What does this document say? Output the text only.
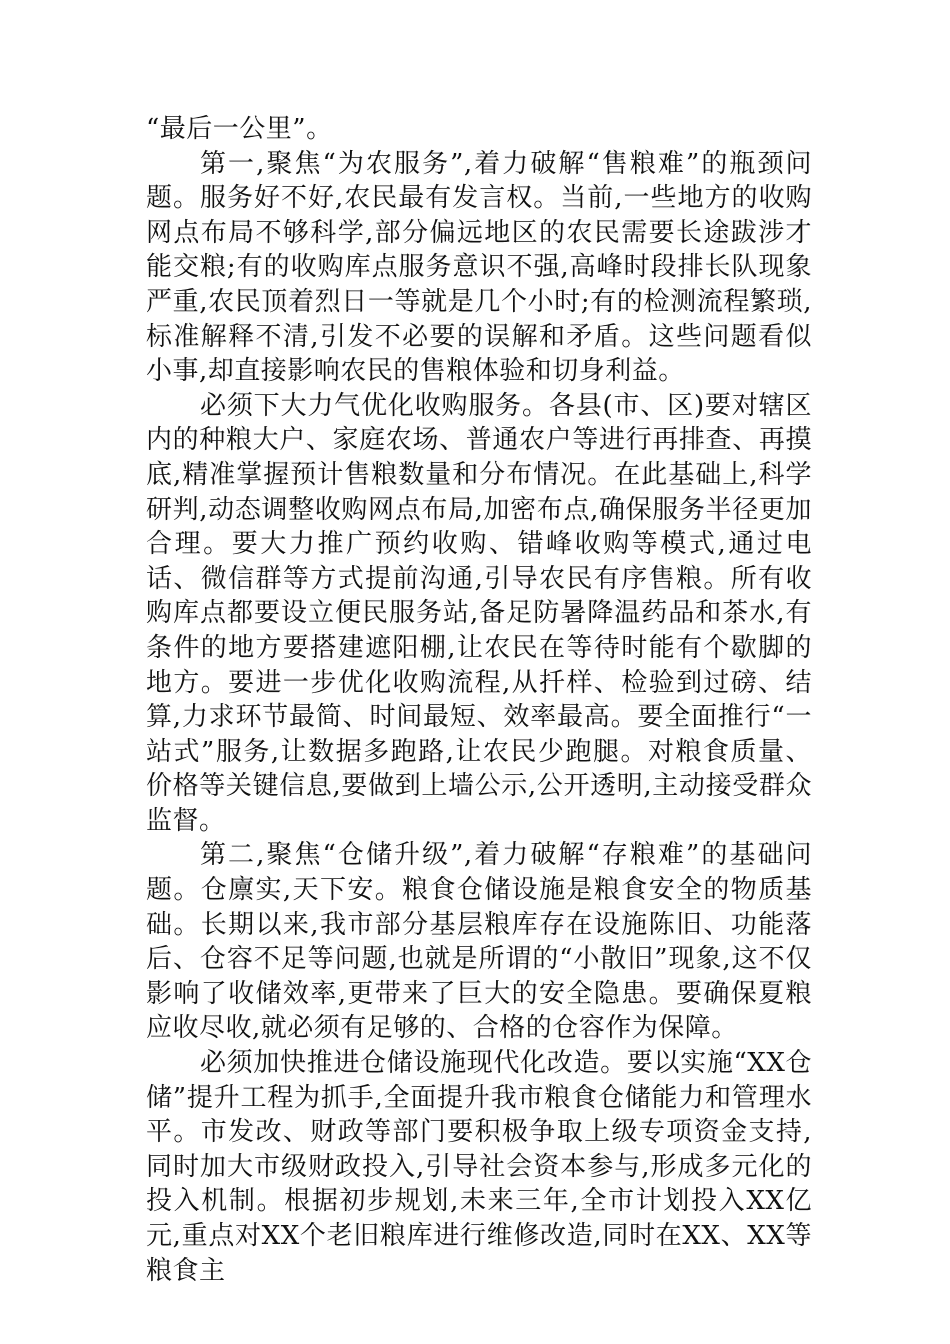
“最后一公里”。

第一,聚焦“为农服务”,着力破解“售粮难”的瓶颈问题。服务好不好,农民最有发言权。当前,一些地方的收购网点布局不够科学,部分偏远地区的农民需要长途跋涉才能交粮;有的收购库点服务意识不强,高峰时段排长队现象严重,农民顶着烈日一等就是几个小时;有的检测流程繁琐,标准解释不清,引发不必要的误解和矛盾。这些问题看似小事,却直接影响农民的售粮体验和切身利益。

必须下大力气优化收购服务。各县(市、区)要对辖区内的种粮大户、家庭农场、普通农户等进行再排查、再摸底,精准掌握预计售粮数量和分布情况。在此基础上,科学研判,动态调整收购网点布局,加密布点,确保服务半径更加合理。要大力推广预约收购、错峰收购等模式,通过电话、微信群等方式提前沟通,引导农民有序售粮。所有收购库点都要设立便民服务站,备足防暑降温药品和茶水,有条件的地方要搭建遮阳棚,让农民在等待时能有个歇脚的地方。要进一步优化收购流程,从扦样、检验到过磅、结算,力求环节最简、时间最短、效率最高。要全面推行“一站式”服务,让数据多跑路,让农民少跑腿。对粮食质量、价格等关键信息,要做到上墙公示,公开透明,主动接受群众监督。

第二,聚焦“仓储升级”,着力破解“存粮难”的基础问题。仓廪实,天下安。粮食仓储设施是粮食安全的物质基础。长期以来,我市部分基层粮库存在设施陈旧、功能落后、仓容不足等问题,也就是所谓的“小散旧”现象,这不仅影响了收储效率,更带来了巨大的安全隐患。要确保夏粮应收尽收,就必须有足够的、合格的仓容作为保障。

必须加快推进仓储设施现代化改造。要以实施“XX仓储”提升工程为抓手,全面提升我市粮食仓储能力和管理水平。市发改、财政等部门要积极争取上级专项资金支持,同时加大市级财政投入,引导社会资本参与,形成多元化的投入机制。根据初步规划,未来三年,全市计划投入XX亿元,重点对XX个老旧粮库进行维修改造,同时在XX、XX等粮食主
